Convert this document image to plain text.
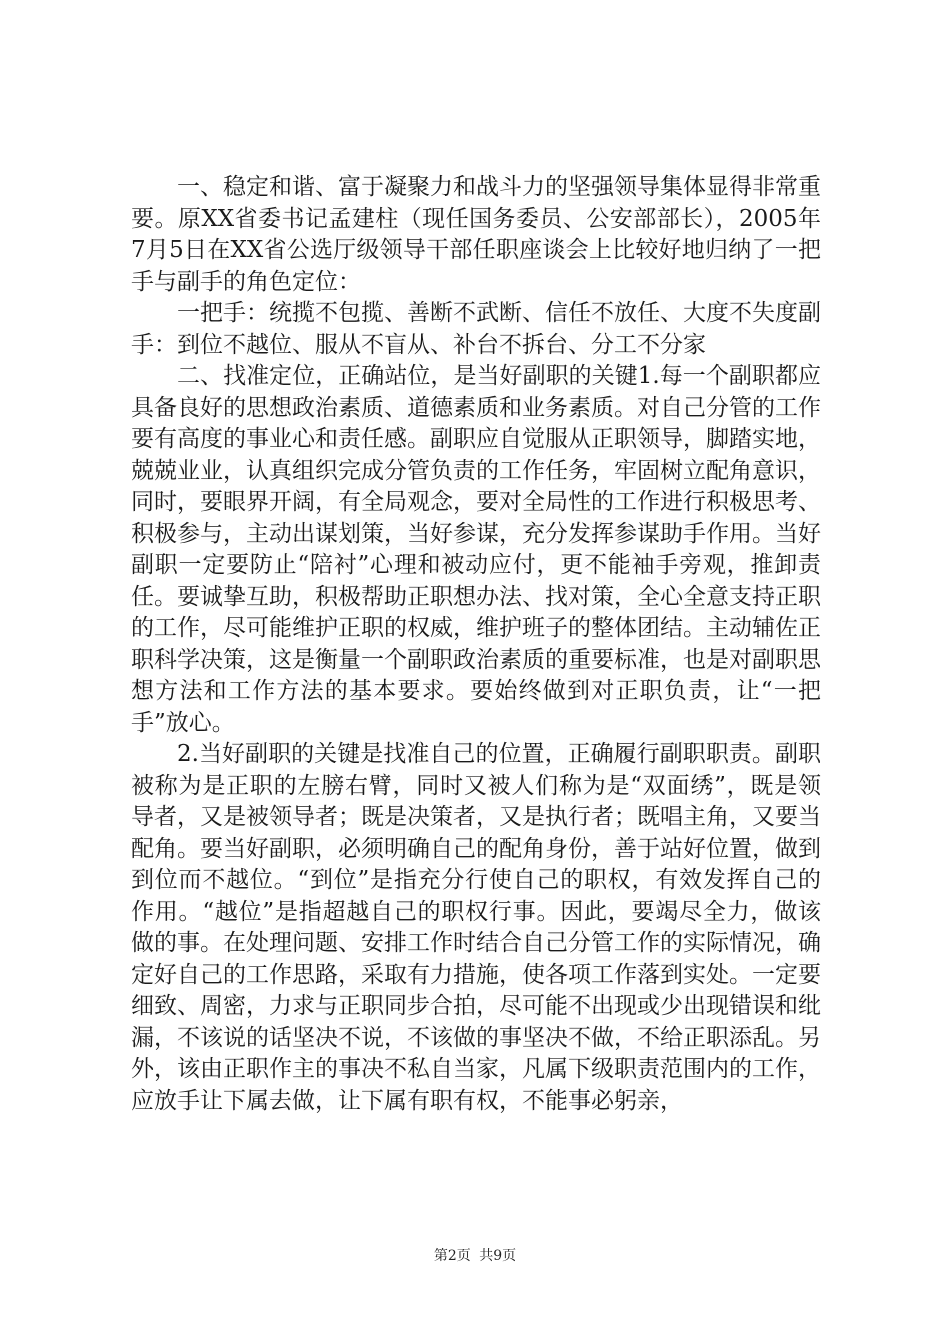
一、稳定和谐、富于凝聚力和战斗力的坚强领导集体显得非常重要。原XX省委书记孟建柱（现任国务委员、公安部部长），2005年7月5日在XX省公选厅级领导干部任职座谈会上比较好地归纳了一把手与副手的角色定位：

一把手：统揽不包揽、善断不武断、信任不放任、大度不失度副手：到位不越位、服从不盲从、补台不拆台、分工不分家

二、找准定位，正确站位，是当好副职的关键1.每一个副职都应具备良好的思想政治素质、道德素质和业务素质。对自己分管的工作要有高度的事业心和责任感。副职应自觉服从正职领导，脚踏实地，兢兢业业，认真组织完成分管负责的工作任务，牢固树立配角意识，同时，要眼界开阔，有全局观念，要对全局性的工作进行积极思考、积极参与，主动出谋划策，当好参谋，充分发挥参谋助手作用。当好副职一定要防止“陪衬”心理和被动应付，更不能袖手旁观，推卸责任。要诚挚互助，积极帮助正职想办法、找对策，全心全意支持正职的工作，尽可能维护正职的权威，维护班子的整体团结。主动辅佐正职科学决策，这是衡量一个副职政治素质的重要标准，也是对副职思想方法和工作方法的基本要求。要始终做到对正职负责，让“一把手”放心。

2.当好副职的关键是找准自己的位置，正确履行副职职责。副职被称为是正职的左膀右臂，同时又被人们称为是“双面绣”，既是领导者，又是被领导者；既是决策者，又是执行者；既唱主角，又要当配角。要当好副职，必须明确自己的配角身份，善于站好位置，做到到位而不越位。“到位”是指充分行使自己的职权，有效发挥自己的作用。“越位”是指超越自己的职权行事。因此，要竭尽全力，做该做的事。在处理问题、安排工作时结合自己分管工作的实际情况，确定好自己的工作思路，采取有力措施，使各项工作落到实处。一定要细致、周密，力求与正职同步合拍，尽可能不出现或少出现错误和纰漏，不该说的话坚决不说，不该做的事坚决不做，不给正职添乱。另外，该由正职作主的事决不私自当家，凡属下级职责范围内的工作，应放手让下属去做，让下属有职有权，不能事必躬亲，

第2页 共9页
